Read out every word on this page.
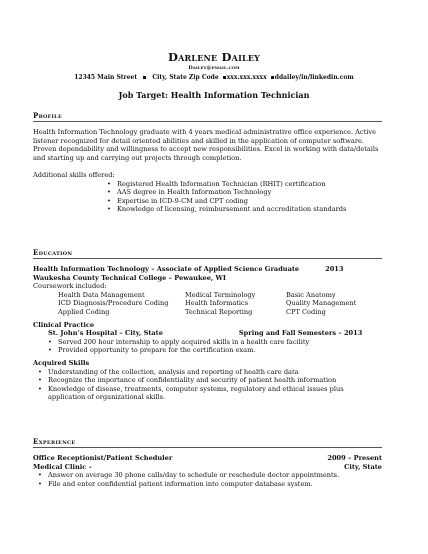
Darlene Dailey
Dailey@email.com
12345 Main Street	City, State Zip Code xxx.xxx.xxxx ddailey/in/linkedin.com
Job Target: Health Information Technician
Profile

Health Information Technology graduate with 4 years medical administrative office experience. Active listener recognized for detail oriented abilities and skilled in the application of computer software. Proven dependability and willingness to accept new responsibilities. Excel in working with data/details and starting up and carrying out projects through completion.

Additional skills offered:

• Registered Health Information Technician (RHIT) certification
• AAS degree in Health Information Technology
• Expertise in ICD-9-CM and CPT coding
• Knowledge of licensing, reimbursement and accreditation standards
Education
Health Information Technology – Associate of Applied Science Graduate	2013
Waukesha County Technical College – Pewaukee, WI
Coursework included:
Health Data Management	Medical Terminology	Basic Anatomy
ICD Diagnosis/Procedure Coding	Health Informatics	Quality Management
Applied Coding	Technical Reporting	CPT Coding
Clinical Practice
St. John’s Hospital – City, State	Spring and Fall Semesters – 2013
• Served 200 hour internship to apply acquired skills in a health care facility
• Provided opportunity to prepare for the certification exam.
Acquired Skills
• Understanding of the collection, analysis and reporting of health care data
• Recognize the importance of confidentiality and security of patient health information
• Knowledge of disease, treatments, computer systems, regulatory and ethical issues plus application of organizational skills.
Experience
Office Receptionist/Patient Scheduler	2009 – Present
Medical Clinic –	City, State
• Answer on average 30 phone calls/day to schedule or reschedule doctor appointments.
• File and enter confidential patient information into computer database system.
